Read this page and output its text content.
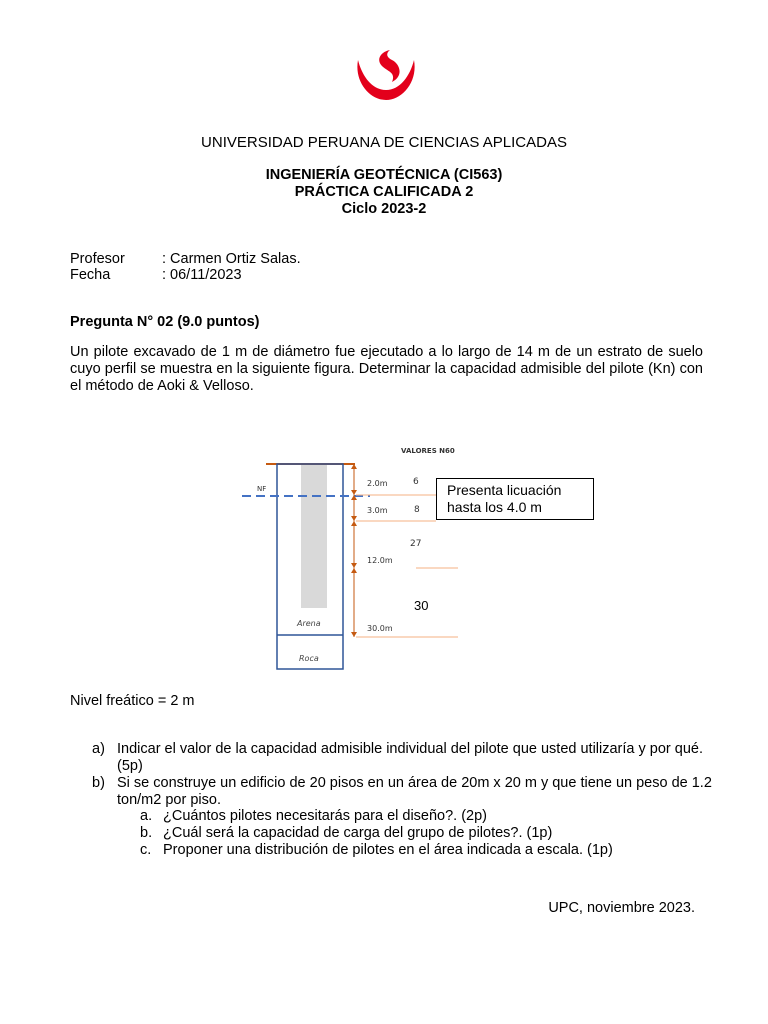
UNIVERSIDAD PERUANA DE CIENCIAS APLICADAS
INGENIERÍA GEOTÉCNICA (CI563)
PRÁCTICA CALIFICADA 2
Ciclo 2023-2
Profesor	: Carmen Ortiz Salas.
Fecha	: 06/11/2023
Pregunta N° 02 (9.0 puntos)
Un pilote excavado de 1 m de diámetro fue ejecutado a lo largo de 14 m de un estrato de suelo cuyo perfil se muestra en la siguiente figura. Determinar la capacidad admisible del pilote (Kn) con el método de Aoki & Velloso.
NF
VALORES N60
2.0m
3.0m
12.0m
30.0m
6
8
27
30
Arena
Roca
Presenta licuación
hasta los 4.0 m
Nivel freático = 2 m
a) Indicar el valor de la capacidad admisible individual del pilote que usted utilizaría y por qué.
(5p)
b) Si se construye un edificio de 20 pisos en un área de 20m x 20 m y que tiene un peso de 1.2
ton/m2 por piso.
a. ¿Cuántos pilotes necesitarás para el diseño?. (2p)
b. ¿Cuál será la capacidad de carga del grupo de pilotes?. (1p)
c. Proponer una distribución de pilotes en el área indicada a escala. (1p)
UPC, noviembre 2023.
